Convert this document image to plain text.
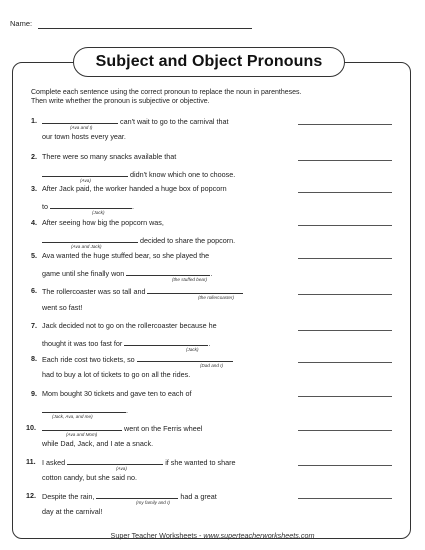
Name:
Subject and Object Pronouns
Complete each sentence using the correct pronoun to replace the noun in parentheses.
Then write whether the pronoun is subjective or objective.
1.	can't wait to go to the carnival that
(Ava and I)
our town hosts every year.
2. There were so many snacks available that
didn't know which one to choose.
(Ava)
3. After Jack paid, the worker handed a huge box of popcorn
to	.
(Jack)
4. After seeing how big the popcorn was,
decided to share the popcorn.
(Ava and Jack)
5. Ava wanted the huge stuffed bear, so she played the
game until she finally won	.
(the stuffed bear)
6. The rollercoaster was so tall and
(the rollercoaster)
went so fast!
7. Jack decided not to go on the rollercoaster because he
thought it was too fast for	.
(Jack)
8. Each ride cost two tickets, so
(Dad and I)
had to buy a lot of tickets to go on all the rides.
9. Mom bought 30 tickets and gave ten to each of
.
(Jack, Ava, and me)
10.	went on the Ferris wheel
(Ava and Mom)
while Dad, Jack, and I ate a snack.
11. I asked	if she wanted to share
(Ava)
cotton candy, but she said no.
12. Despite the rain,	had a great
(my family and I)
day at the carnival!
Super Teacher Worksheets - www.superteacherworksheets.com
